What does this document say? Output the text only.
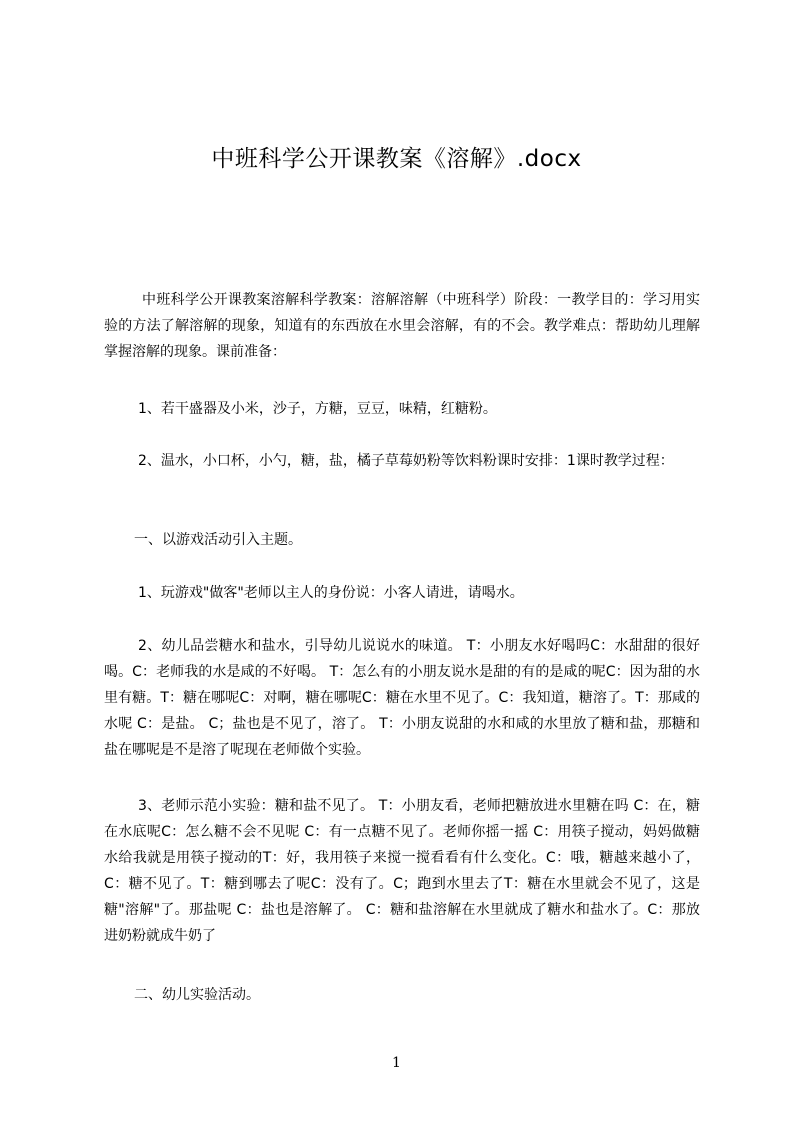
中班科学公开课教案《溶解》.docx
中班科学公开课教案溶解科学教案：溶解溶解（中班科学）阶段：一教学目的：学习用实验的方法了解溶解的现象，知道有的东西放在水里会溶解，有的不会。教学难点：帮助幼儿理解掌握溶解的现象。课前准备：
1、若干盛器及小米，沙子，方糖，豆豆，味精，红糖粉。
2、温水，小口杯，小勺，糖，盐，橘子草莓奶粉等饮料粉课时安排：1课时教学过程：
一、以游戏活动引入主题。
1、玩游戏"做客"老师以主人的身份说：小客人请进，请喝水。
2、幼儿品尝糖水和盐水，引导幼儿说说水的味道。 T：小朋友水好喝吗C：水甜甜的很好喝。C：老师我的水是咸的不好喝。 T：怎么有的小朋友说水是甜的有的是咸的呢C：因为甜的水里有糖。T：糖在哪呢C：对啊，糖在哪呢C：糖在水里不见了。C：我知道，糖溶了。T：那咸的水呢 C：是盐。 C；盐也是不见了，溶了。 T：小朋友说甜的水和咸的水里放了糖和盐，那糖和盐在哪呢是不是溶了呢现在老师做个实验。
3、老师示范小实验：糖和盐不见了。 T：小朋友看，老师把糖放进水里糖在吗 C：在，糖在水底呢C：怎么糖不会不见呢 C：有一点糖不见了。老师你摇一摇 C：用筷子搅动，妈妈做糖水给我就是用筷子搅动的T：好，我用筷子来搅一搅看看有什么变化。C：哦，糖越来越小了，C：糖不见了。T：糖到哪去了呢C：没有了。C；跑到水里去了T：糖在水里就会不见了，这是糖"溶解"了。那盐呢 C：盐也是溶解了。 C：糖和盐溶解在水里就成了糖水和盐水了。C：那放进奶粉就成牛奶了
二、幼儿实验活动。
1
